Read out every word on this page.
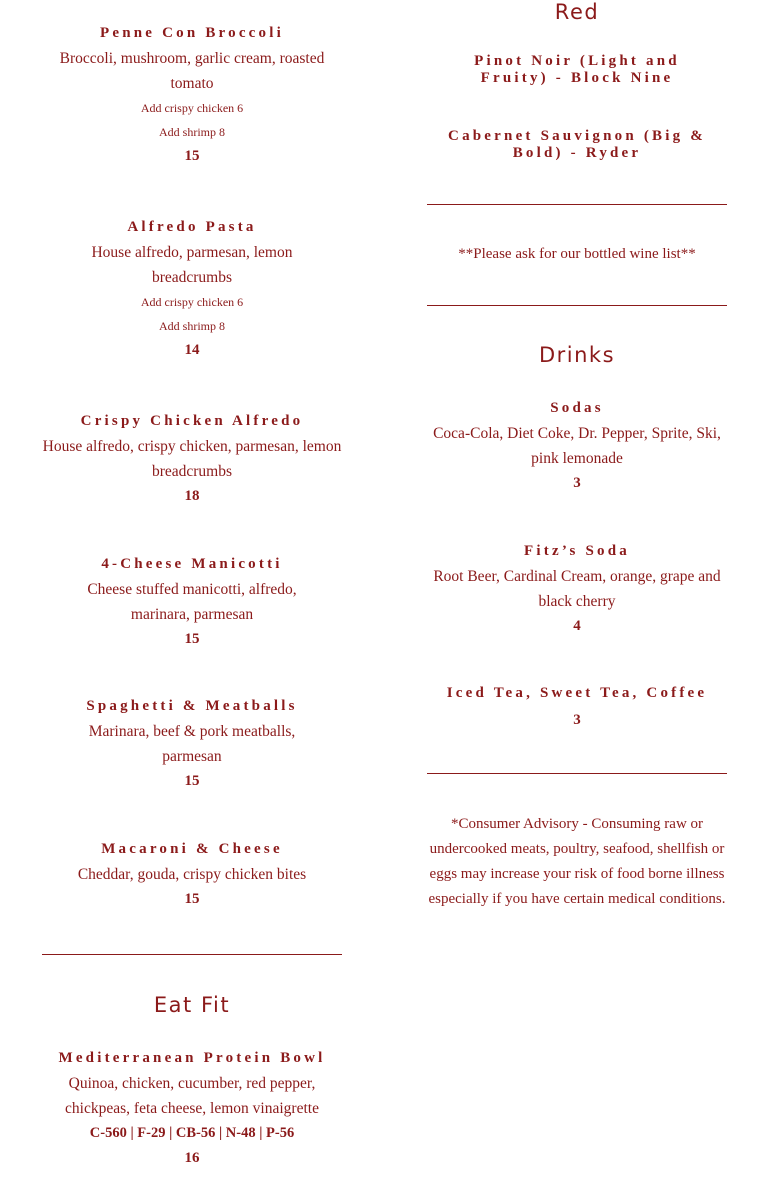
Penne Con Broccoli
Broccoli, mushroom, garlic cream, roasted tomato
Add crispy chicken 6
Add shrimp 8
15
Alfredo Pasta
House alfredo, parmesan, lemon breadcrumbs
Add crispy chicken 6
Add shrimp 8
14
Crispy Chicken Alfredo
House alfredo, crispy chicken, parmesan, lemon breadcrumbs
18
4-Cheese Manicotti
Cheese stuffed manicotti, alfredo, marinara, parmesan
15
Spaghetti & Meatballs
Marinara, beef & pork meatballs, parmesan
15
Macaroni & Cheese
Cheddar, gouda, crispy chicken bites
15
Eat Fit
Mediterranean Protein Bowl
Quinoa, chicken, cucumber, red pepper, chickpeas, feta cheese, lemon vinaigrette
C-560 | F-29 | CB-56 | N-48 | P-56
16
Red
Pinot Noir (Light and Fruity) - Block Nine
Cabernet Sauvignon (Big & Bold) - Ryder
**Please ask for our bottled wine list**
Drinks
Sodas
Coca-Cola, Diet Coke, Dr. Pepper, Sprite, Ski, pink lemonade
3
Fitz’s Soda
Root Beer, Cardinal Cream, orange, grape and black cherry
4
Iced Tea, Sweet Tea, Coffee
3
*Consumer Advisory - Consuming raw or undercooked meats, poultry, seafood, shellfish or eggs may increase your risk of food borne illness especially if you have certain medical conditions.
